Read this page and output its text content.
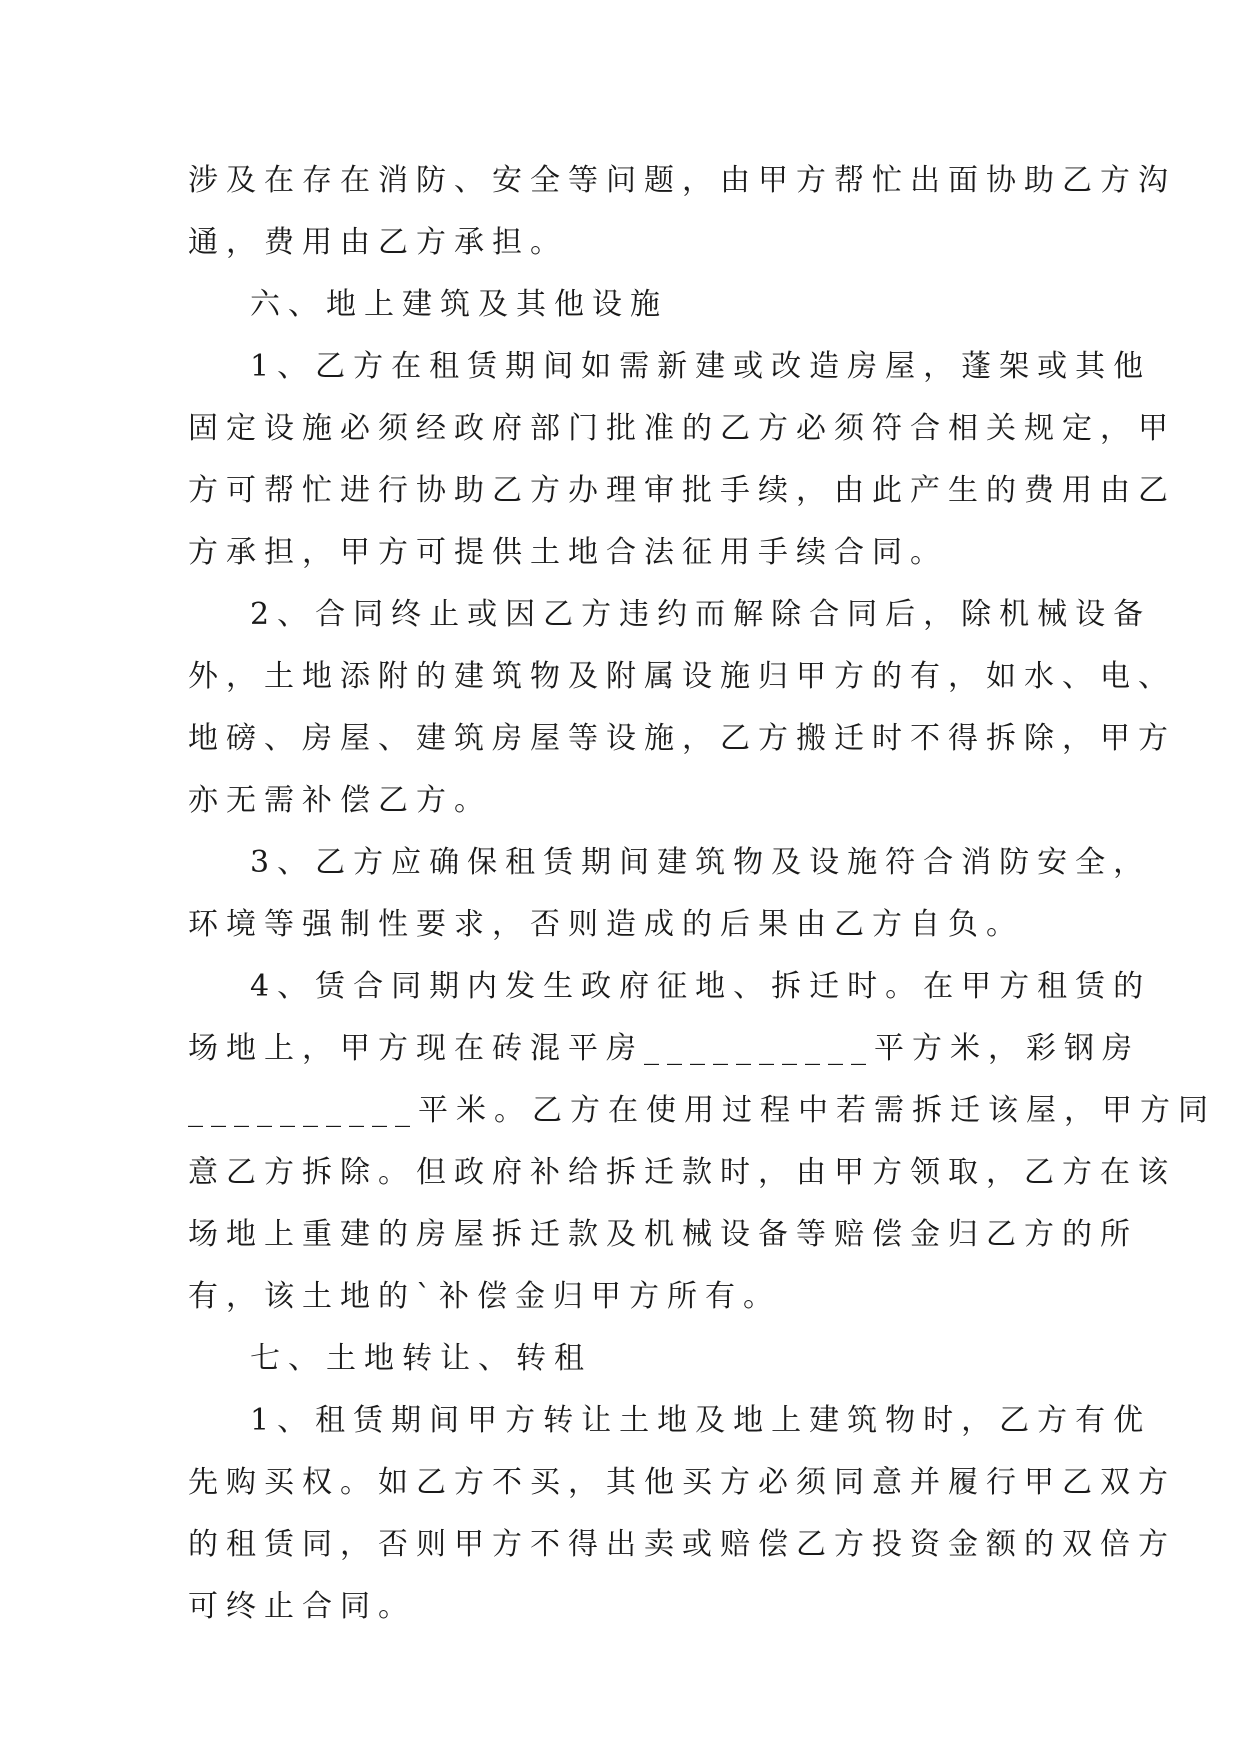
涉及在存在消防、安全等问题，由甲方帮忙出面协助乙方沟
通，费用由乙方承担。
六、地上建筑及其他设施
1、乙方在租赁期间如需新建或改造房屋，蓬架或其他
固定设施必须经政府部门批准的乙方必须符合相关规定，甲
方可帮忙进行协助乙方办理审批手续，由此产生的费用由乙
方承担，甲方可提供土地合法征用手续合同。
2、合同终止或因乙方违约而解除合同后，除机械设备
外，土地添附的建筑物及附属设施归甲方的有，如水、电、
地磅、房屋、建筑房屋等设施，乙方搬迁时不得拆除，甲方
亦无需补偿乙方。
3、乙方应确保租赁期间建筑物及设施符合消防安全，
环境等强制性要求，否则造成的后果由乙方自负。
4、赁合同期内发生政府征地、拆迁时。在甲方租赁的
场地上，甲方现在砖混平房__________平方米，彩钢房
__________平米。乙方在使用过程中若需拆迁该屋，甲方同
意乙方拆除。但政府补给拆迁款时，由甲方领取，乙方在该
场地上重建的房屋拆迁款及机械设备等赔偿金归乙方的所
有，该土地的`补偿金归甲方所有。
七、土地转让、转租
1、租赁期间甲方转让土地及地上建筑物时，乙方有优
先购买权。如乙方不买，其他买方必须同意并履行甲乙双方
的租赁同，否则甲方不得出卖或赔偿乙方投资金额的双倍方
可终止合同。
